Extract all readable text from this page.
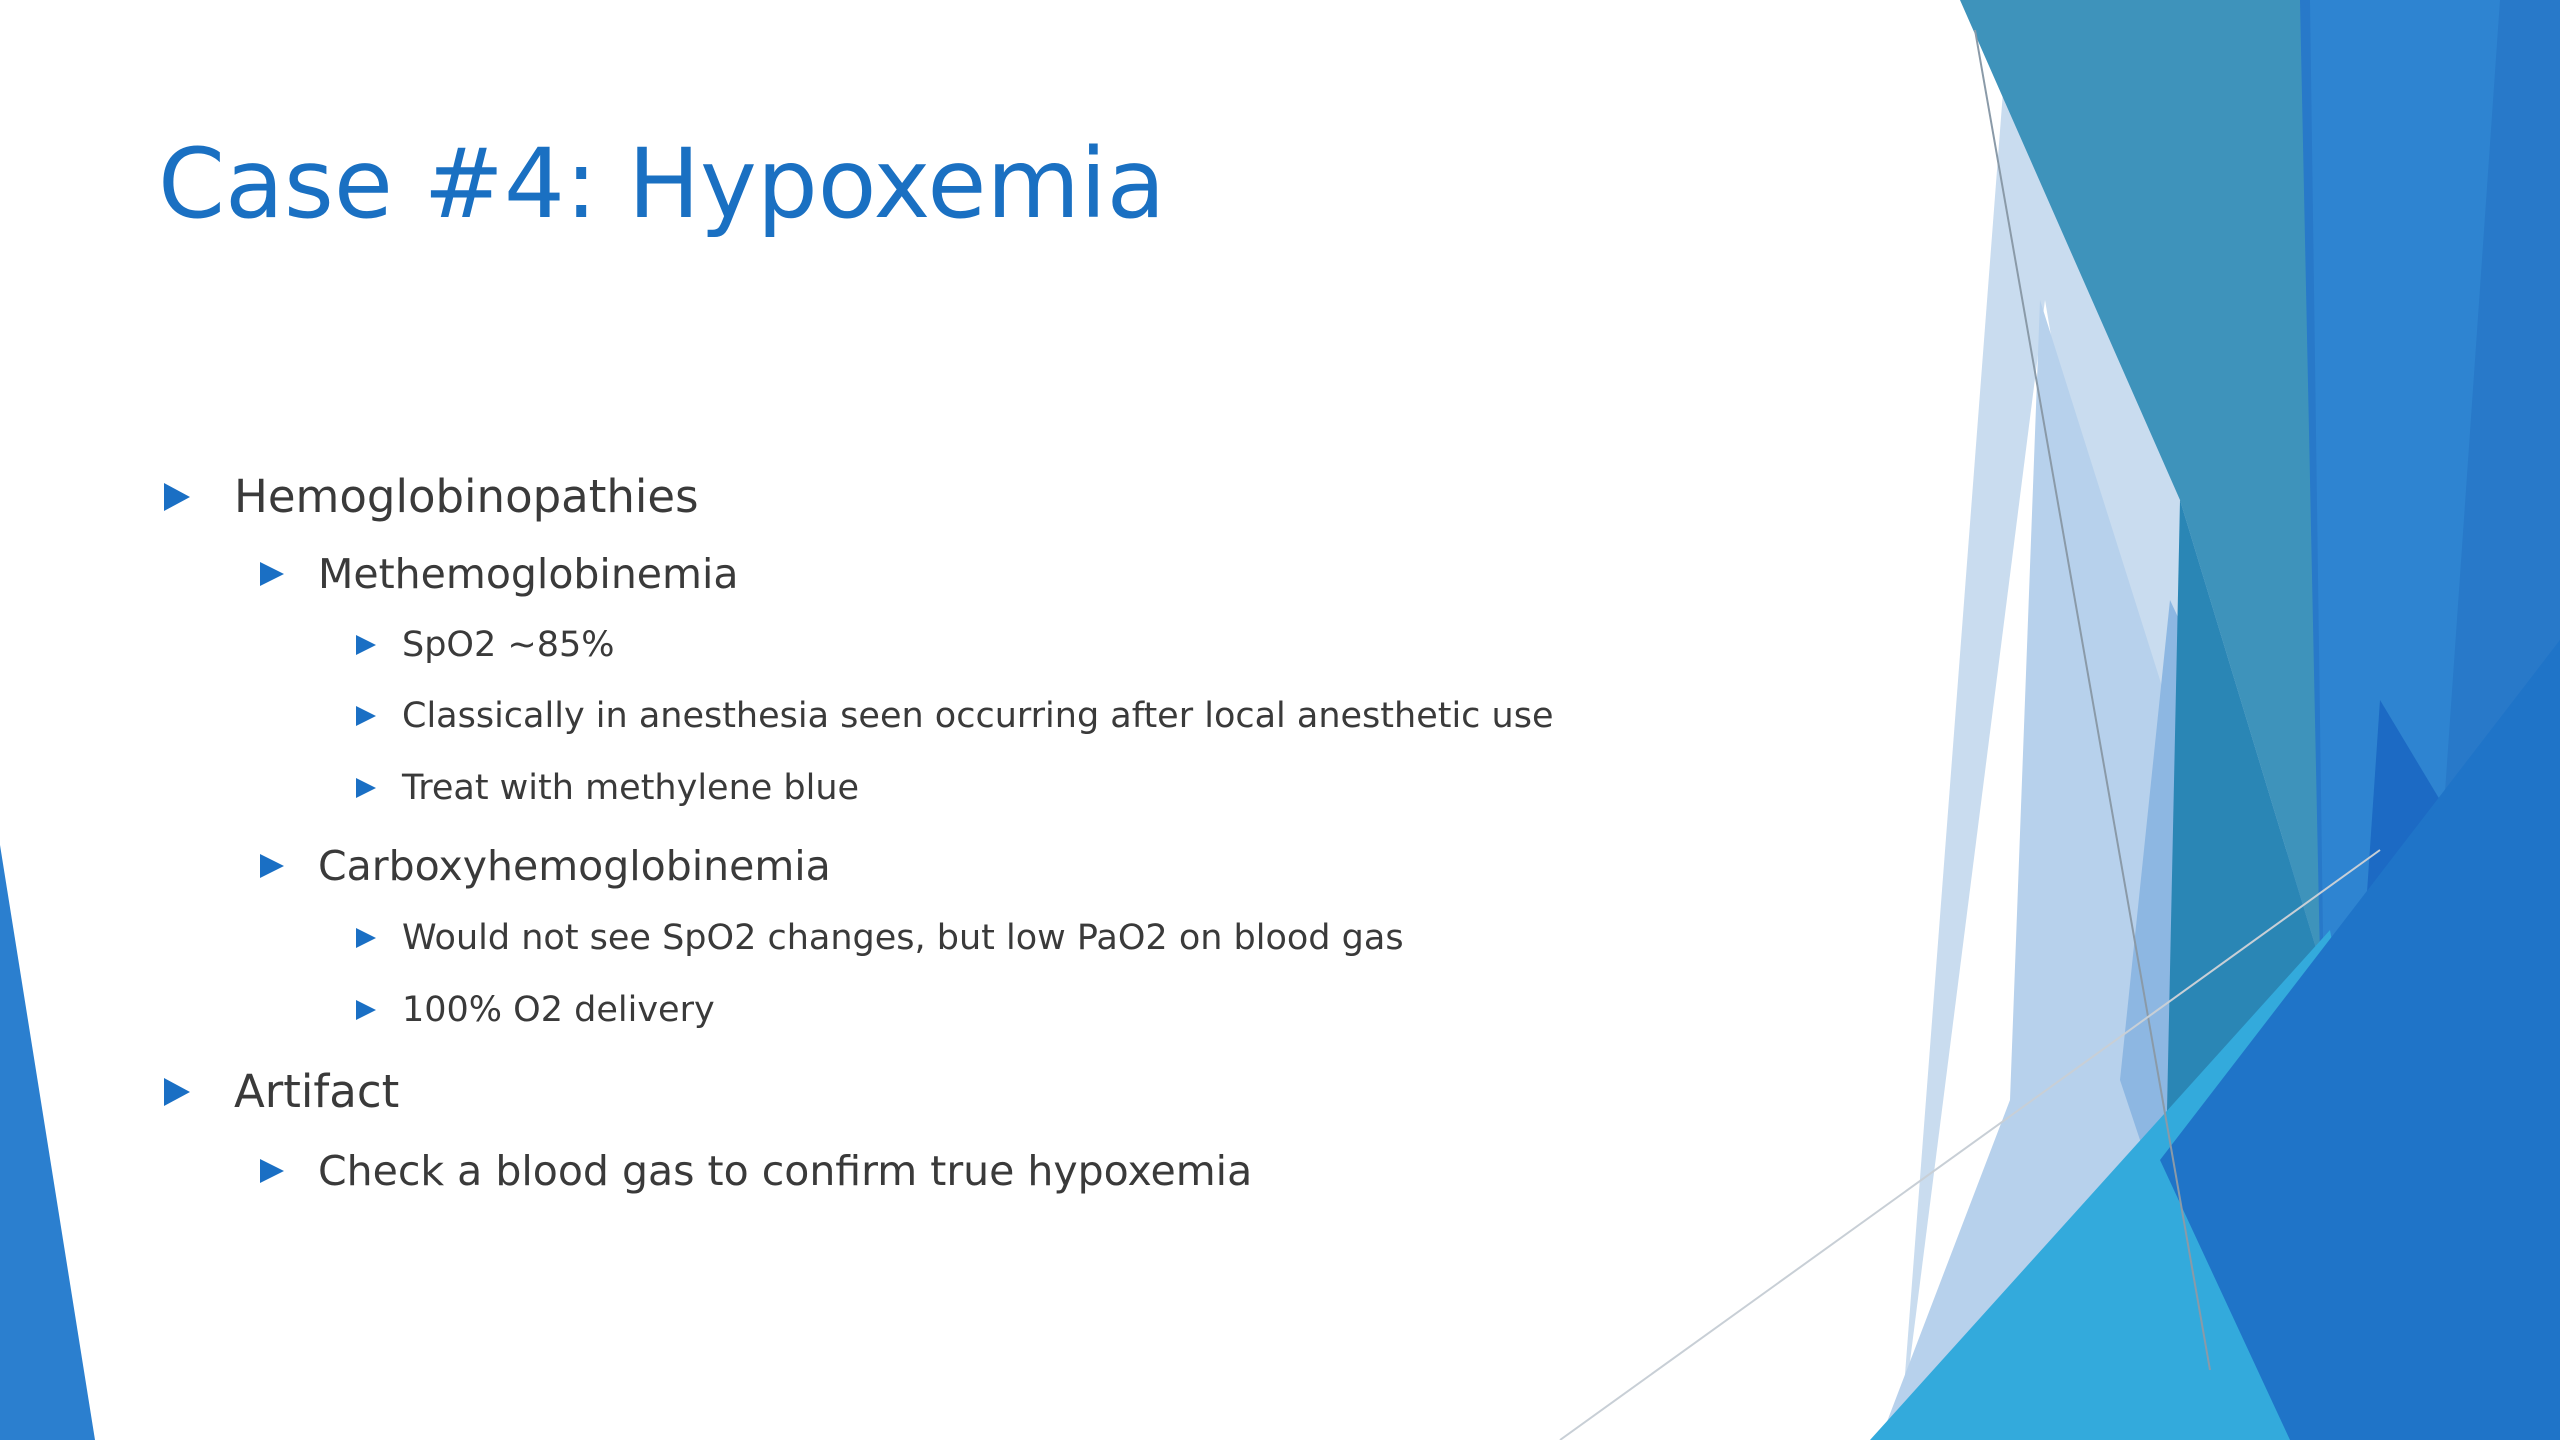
Case #4: Hypoxemia
Hemoglobinopathies
Methemoglobinemia
SpO2 ~85%
Classically in anesthesia seen occurring after local anesthetic use
Treat with methylene blue
Carboxyhemoglobinemia
Would not see SpO2 changes, but low PaO2 on blood gas
100% O2 delivery
Artifact
Check a blood gas to confirm true hypoxemia
